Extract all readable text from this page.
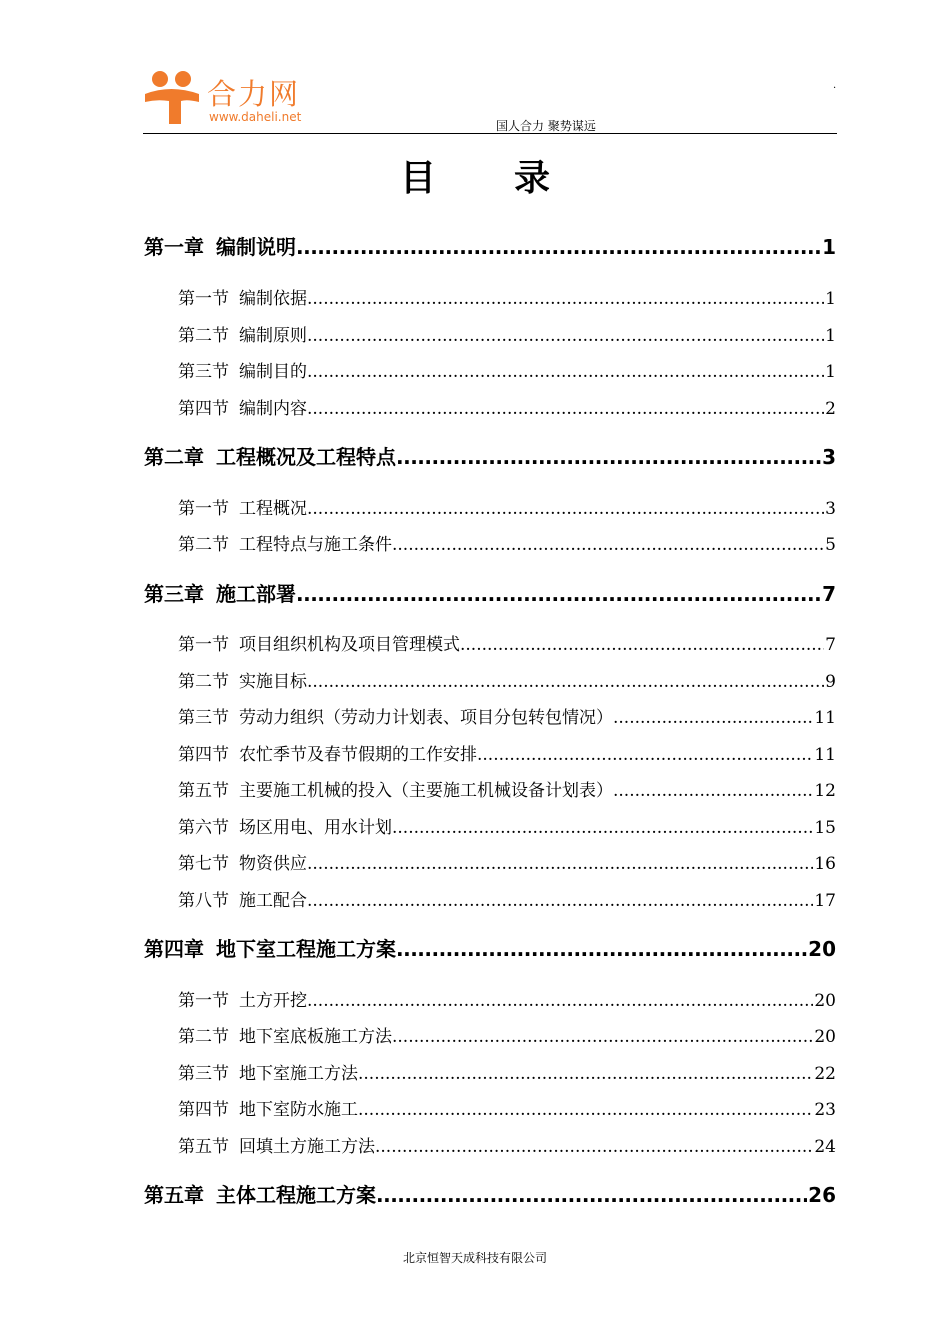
合力网
www.daheli.net
.
国人合力 聚势谋远
目 录
第一章 编制说明 .....	1
第一节 编制依据 .....	1
第二节 编制原则 .....	1
第三节 编制目的 .....	1
第四节 编制内容 .....	2
第二章 工程概况及工程特点 .....	3
第一节 工程概况 .....	3
第二节 工程特点与施工条件 .....	5
第三章 施工部署 .....	7
第一节 项目组织机构及项目管理模式 .....	7
第二节 实施目标 .....	9
第三节 劳动力组织（劳动力计划表、项目分包转包情况） .....	11
第四节 农忙季节及春节假期的工作安排 .....	11
第五节 主要施工机械的投入（主要施工机械设备计划表） .....	12
第六节 场区用电、用水计划 .....	15
第七节 物资供应 .....	16
第八节 施工配合 .....	17
第四章 地下室工程施工方案 .....	20
第一节 土方开挖 .....	20
第二节 地下室底板施工方法 .....	20
第三节 地下室施工方法 .....	22
第四节 地下室防水施工 .....	23
第五节 回填土方施工方法 .....	24
第五章 主体工程施工方案 .....	26
北京恒智天成科技有限公司
